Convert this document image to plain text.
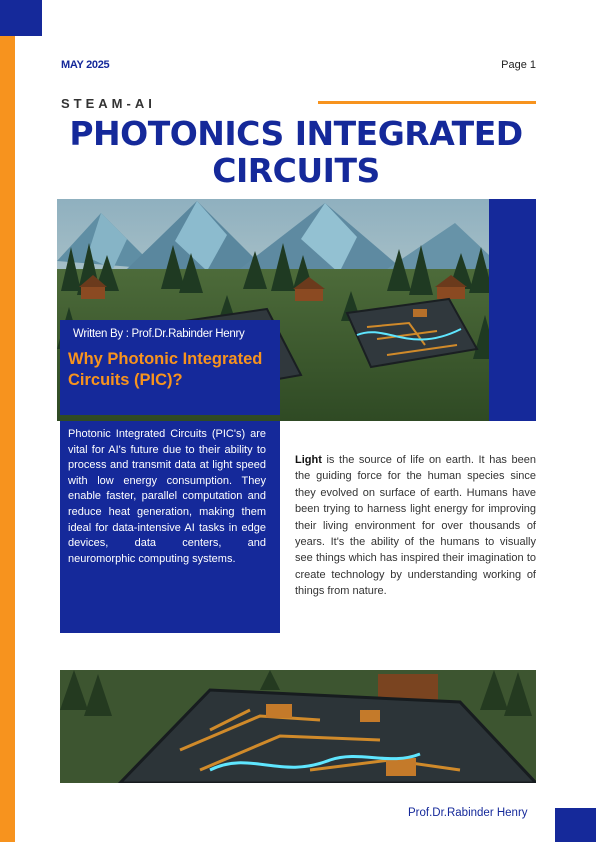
MAY 2025	Page 1
STEAM-AI
PHOTONICS INTEGRATED
CIRCUITS
Written By : Prof.Dr.Rabinder Henry
Why Photonic Integrated Circuits (PIC)?

Photonic Integrated Circuits (PIC's) are vital for AI's future due to their ability to process and transmit data at light speed with low energy consumption. They enable faster, parallel computation and reduce heat generation, making them ideal for data-intensive AI tasks in edge devices, data centers, and neuromorphic computing systems.

Light is the source of life on earth. It has been the guiding force for the human species since they evolved on surface of earth. Humans have been trying to harness light energy for improving their living environment for over thousands of years. It's the ability of the humans to visually see things which has inspired their imagination to create technology by understanding working of things from nature.

Prof.Dr.Rabinder Henry
